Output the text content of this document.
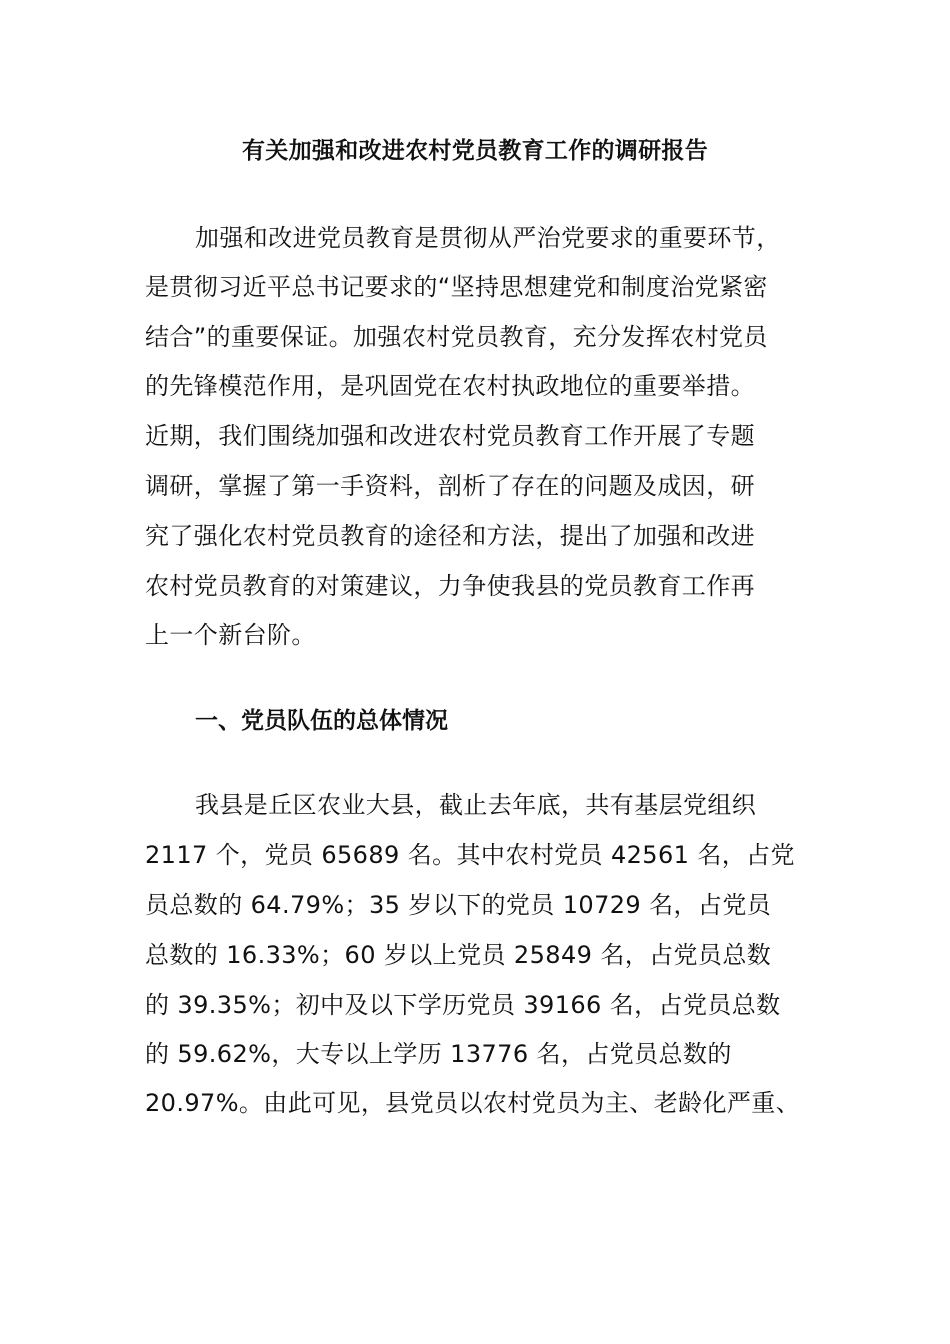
有关加强和改进农村党员教育工作的调研报告
加强和改进党员教育是贯彻从严治党要求的重要环节，
是贯彻习近平总书记要求的“坚持思想建党和制度治党紧密
结合”的重要保证。加强农村党员教育，充分发挥农村党员
的先锋模范作用，是巩固党在农村执政地位的重要举措。
近期，我们围绕加强和改进农村党员教育工作开展了专题
调研，掌握了第一手资料，剖析了存在的问题及成因，研
究了强化农村党员教育的途径和方法，提出了加强和改进
农村党员教育的对策建议，力争使我县的党员教育工作再
上一个新台阶。
一、党员队伍的总体情况
我县是丘区农业大县，截止去年底，共有基层党组织
2117 个，党员 65689 名。其中农村党员 42561 名，占党
员总数的 64.79%；35 岁以下的党员 10729 名，占党员
总数的 16.33%；60 岁以上党员 25849 名，占党员总数
的 39.35%；初中及以下学历党员 39166 名，占党员总数
的 59.62%，大专以上学历 13776 名，占党员总数的
20.97%。由此可见，县党员以农村党员为主、老龄化严重、
